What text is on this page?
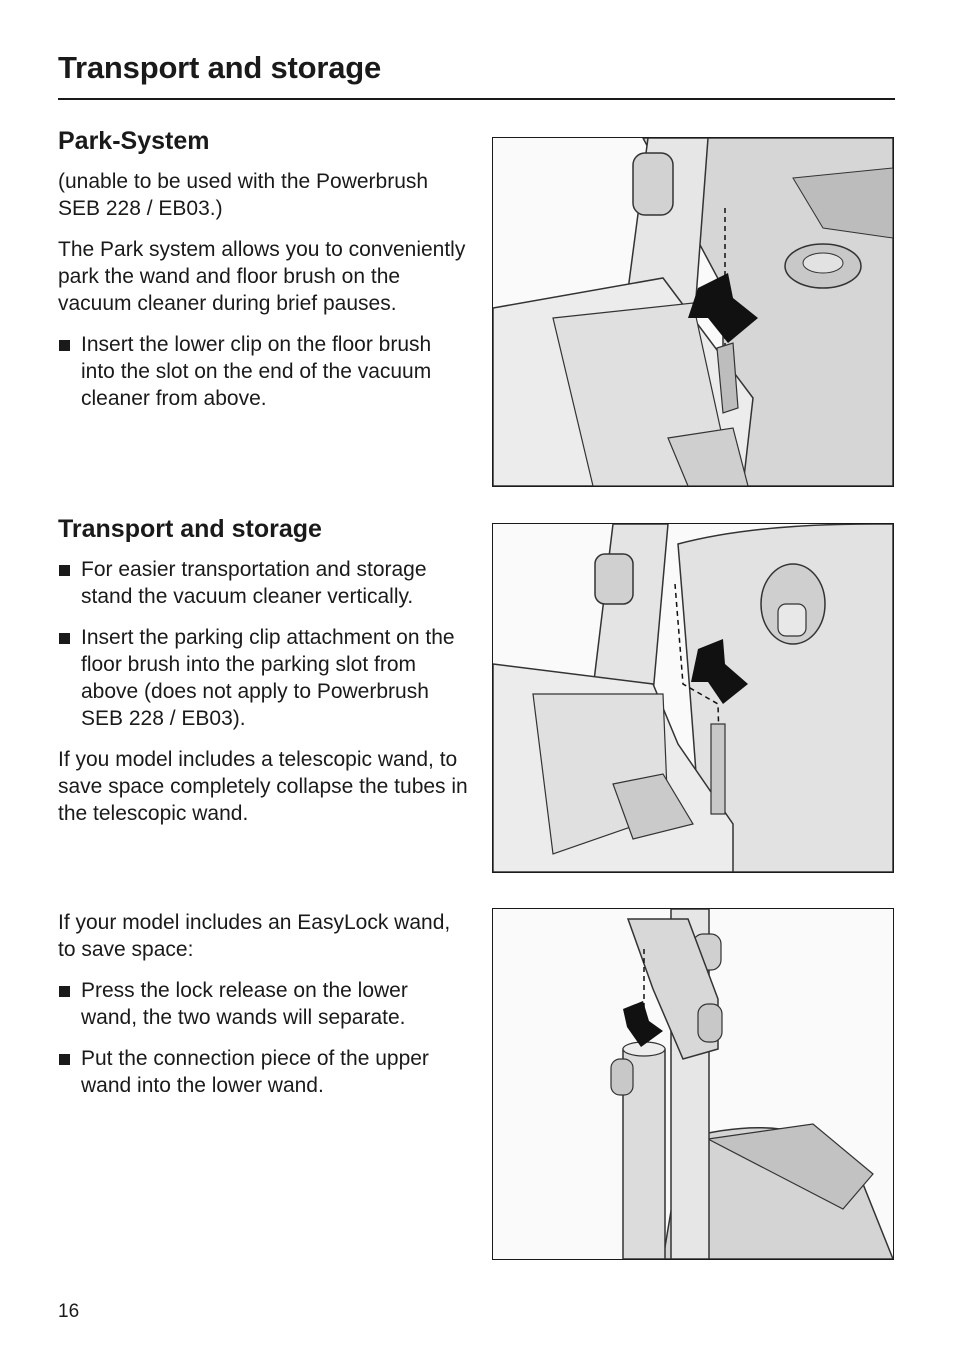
Transport and storage
Park-System

(unable to be used with the Powerbrush SEB 228 / EB03.)

The Park system allows you to conveniently park the wand and floor brush on the vacuum cleaner during brief pauses.

Insert the lower clip on the floor brush into the slot on the end of the vacuum cleaner from above.
Transport and storage
For easier transportation and storage stand the vacuum cleaner vertically.
Insert the parking clip attachment on the floor brush into the parking slot from above (does not apply to Powerbrush SEB 228 / EB03).

If you model includes a telescopic wand, to save space completely collapse the tubes in the telescopic wand.

If your model includes an EasyLock wand, to save space:

Press the lock release on the lower wand, the two wands will separate.
Put the connection piece of the upper wand into the lower wand.
16
